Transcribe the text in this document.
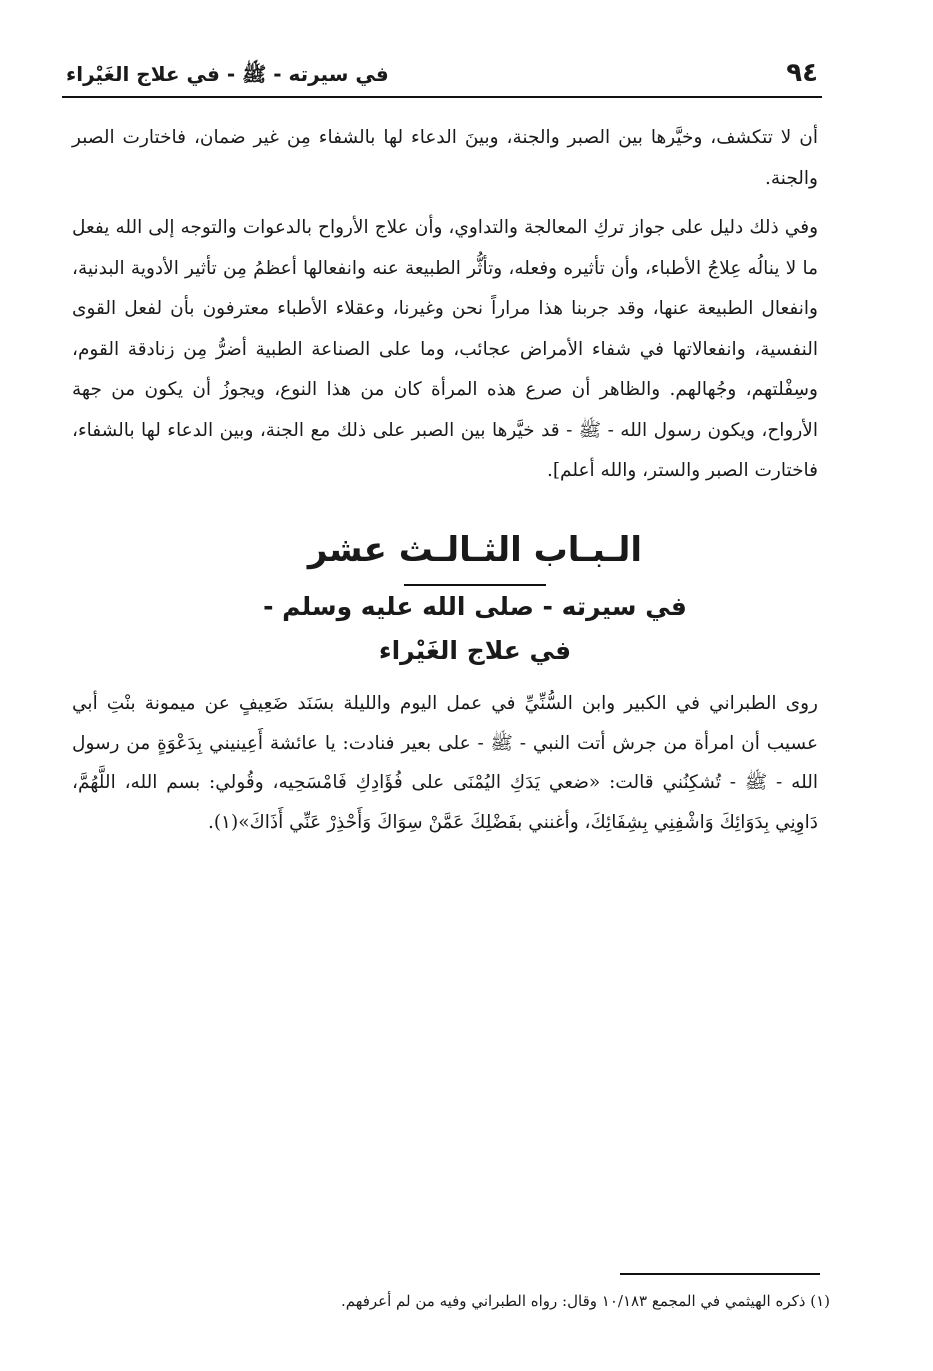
٩٤
في سيرته - ﷺ - في علاج الغَيْراء

أن لا تتكشف، وخيَّرها بين الصبر والجنة، وبينَ الدعاء لها بالشفاء مِن غير ضمان، فاختارت الصبر والجنة.

وفي ذلك دليل على جواز تركِ المعالجة والتداوي، وأن علاج الأرواح بالدعوات والتوجه إلى الله يفعل ما لا ينالُه عِلاجُ الأطباء، وأن تأثيره وفعله، وتأثُّر الطبيعة عنه وانفعالها أعظمُ مِن تأثير الأدوية البدنية، وانفعال الطبيعة عنها، وقد جربنا هذا مراراً نحن وغيرنا، وعقلاء الأطباء معترفون بأن لفعل القوى النفسية، وانفعالاتها في شفاء الأمراض عجائب، وما على الصناعة الطبية أضرُّ مِن زنادقة القوم، وسِفْلتهم، وجُهالهم. والظاهر أن صرع هذه المرأة كان من هذا النوع، ويجوزُ أن يكون من جهة الأرواح، ويكون رسول الله - ﷺ - قد خيَّرها بين الصبر على ذلك مع الجنة، وبين الدعاء لها بالشفاء، فاختارت الصبر والستر، والله أعلم].

الـبـاب الثـالـث عشر
في سيرته - صلى الله عليه وسلم -
في علاج الغَيْراء

روى الطبراني في الكبير وابن السُّنِّيِّ في عمل اليوم والليلة بسَنَد ضَعِيفٍ عن ميمونة بنْتِ أبي عسيب أن امرأة من جرش أتت النبي - ﷺ - على بعير فنادت: يا عائشة أَعِينيني بِدَعْوَةٍ من رسول الله - ﷺ - تُشكِنُني قالت: «ضعي يَدَكِ اليُمْنَى على فُؤَادِكِ فَامْسَحِيه، وقُولي: بسم الله، اللَّهُمَّ، دَاوِنِي بِدَوَائِكَ وَاشْفِنِي بِشِفَائِكَ، وأغنني بفَضْلِكَ عَمَّنْ سِوَاكَ وَأَحْذِرْ عَنِّي أَذَاكَ»(١).

(١) ذكره الهيثمي في المجمع ١٠/١٨٣ وقال: رواه الطبراني وفيه من لم أعرفهم.
